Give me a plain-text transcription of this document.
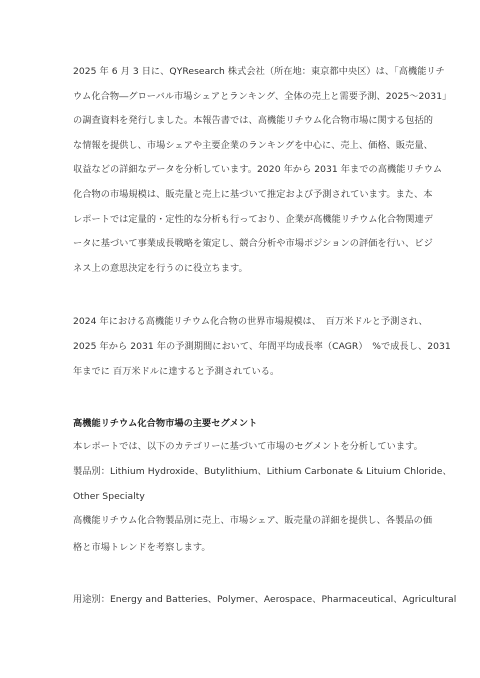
2025 年 6 月 3 日に、QYResearch 株式会社（所在地：東京都中央区）は、「高機能リチ
ウム化合物―グローバル市場シェアとランキング、全体の売上と需要予測、2025～2031」
の調査資料を発行しました。本報告書では、高機能リチウム化合物市場に関する包括的
な情報を提供し、市場シェアや主要企業のランキングを中心に、売上、価格、販売量、
収益などの詳細なデータを分析しています。2020 年から 2031 年までの高機能リチウム
化合物の市場規模は、販売量と売上に基づいて推定および予測されています。また、本
レポートでは定量的・定性的な分析も行っており、企業が高機能リチウム化合物関連デ
ータに基づいて事業成長戦略を策定し、競合分析や市場ポジションの評価を行い、ビジ
ネス上の意思決定を行うのに役立ちます。
2024 年における高機能リチウム化合物の世界市場規模は、　百万米ドルと予測され、
2025 年から 2031 年の予測期間において、年間平均成長率（CAGR）　%で成長し、2031
年までに 百万米ドルに達すると予測されている。
高機能リチウム化合物市場の主要セグメント
本レポートでは、以下のカテゴリーに基づいて市場のセグメントを分析しています。
製品別：Lithium Hydroxide、Butylithium、Lithium Carbonate & Lituium Chloride、
Other Specialty
高機能リチウム化合物製品別に売上、市場シェア、販売量の詳細を提供し、各製品の価
格と市場トレンドを考察します。
用途別：Energy and Batteries、Polymer、Aerospace、Pharmaceutical、Agricultural
